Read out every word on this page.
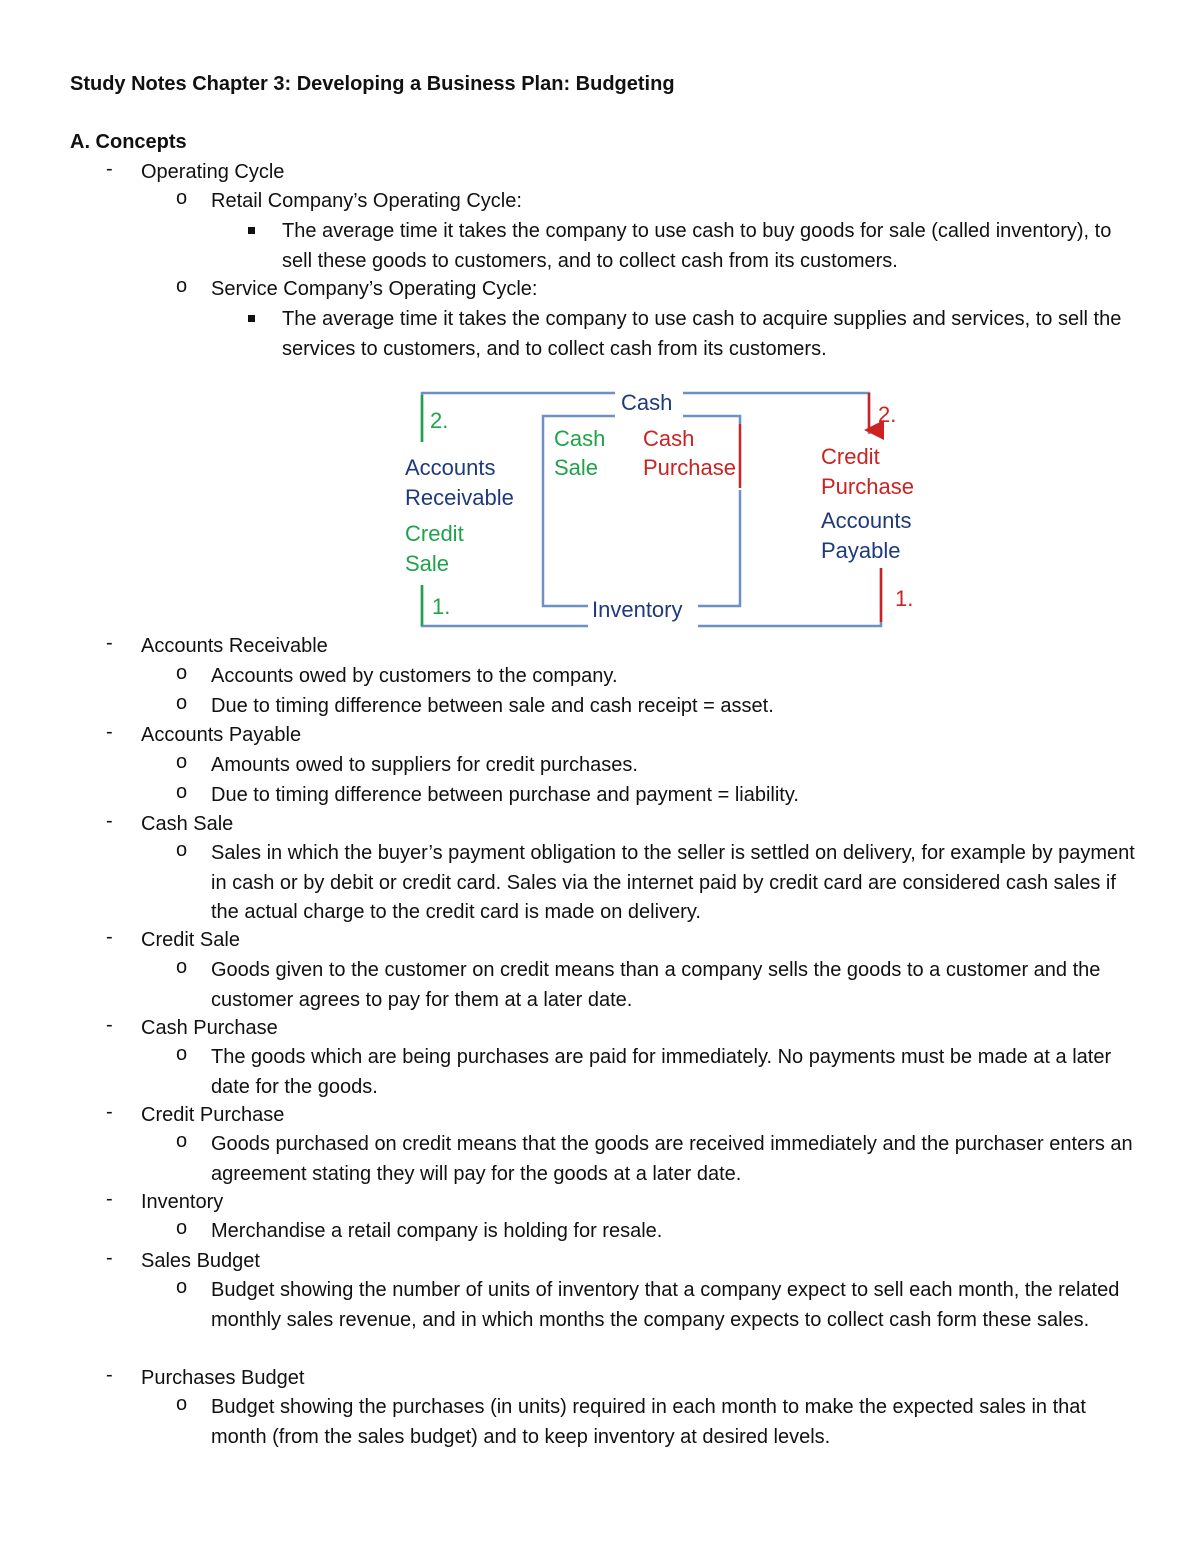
Study Notes Chapter 3: Developing a Business Plan: Budgeting
A. Concepts
- Operating Cycle
o Retail Company’s Operating Cycle:
The average time it takes the company to use cash to buy goods for sale (called inventory), to sell these goods to customers, and to collect cash from its customers.
o Service Company’s Operating Cycle:
The average time it takes the company to use cash to acquire supplies and services, to sell the services to customers, and to collect cash from its customers.
- Accounts Receivable
o Accounts owed by customers to the company.
o Due to timing difference between sale and cash receipt = asset.
- Accounts Payable
o Amounts owed to suppliers for credit purchases.
o Due to timing difference between purchase and payment = liability.
- Cash Sale
o Sales in which the buyer’s payment obligation to the seller is settled on delivery, for example by payment in cash or by debit or credit card. Sales via the internet paid by credit card are considered cash sales if the actual charge to the credit card is made on delivery.
- Credit Sale
o Goods given to the customer on credit means than a company sells the goods to a customer and the customer agrees to pay for them at a later date.
- Cash Purchase
o The goods which are being purchases are paid for immediately. No payments must be made at a later date for the goods.
- Credit Purchase
o Goods purchased on credit means that the goods are received immediately and the purchaser enters an agreement stating they will pay for the goods at a later date.
- Inventory
o Merchandise a retail company is holding for resale.
- Sales Budget
o Budget showing the number of units of inventory that a company expect to sell each month, the related monthly sales revenue, and in which months the company expects to collect cash form these sales.
- Purchases Budget
o Budget showing the purchases (in units) required in each month to make the expected sales in that month (from the sales budget) and to keep inventory at desired levels.
Cash
Inventory
Cash
Sale
Cash
Purchase
Accounts
Receivable
Credit
Sale
Credit
Purchase
Accounts
Payable
2.
1.
2.
1.
